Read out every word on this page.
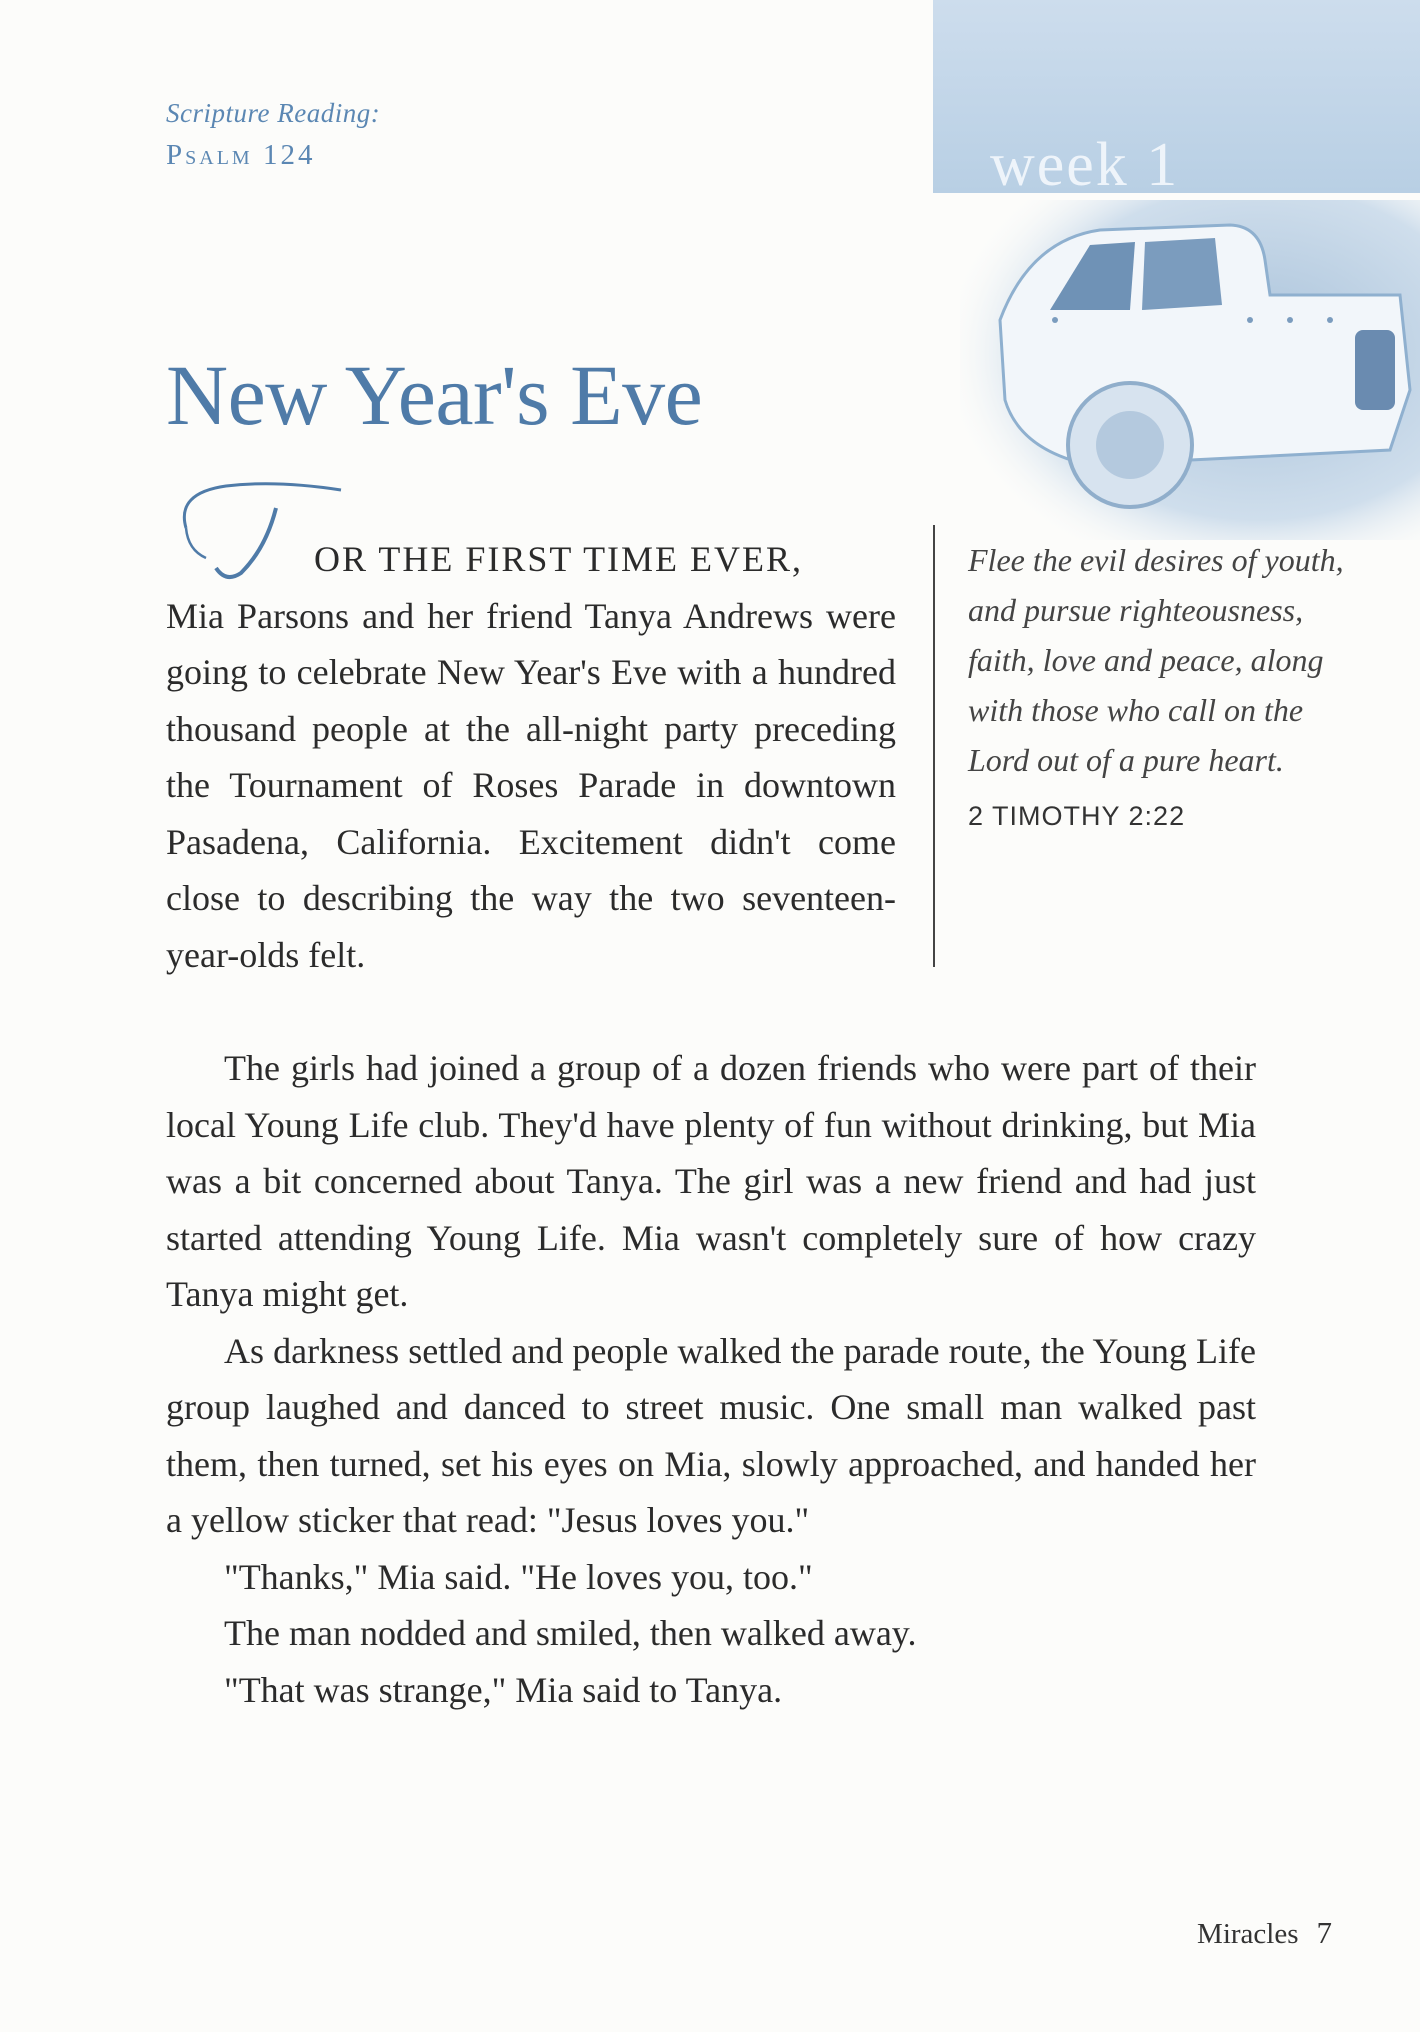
Scripture Reading:
Psalm 124	week 1
New Year's Eve
OR THE FIRST TIME EVER,
Mia Parsons and her friend Tanya Andrews were going to celebrate New Year's Eve with a hundred thousand people at the all-night party preceding the Tournament of Roses Parade in downtown Pasadena, California. Excitement didn't come close to describing the way the two seventeen-year-olds felt.
Flee the evil desires of youth, and pursue righteousness, faith, love and peace, along with those who call on the Lord out of a pure heart.
2 TIMOTHY 2:22

The girls had joined a group of a dozen friends who were part of their local Young Life club. They'd have plenty of fun without drinking, but Mia was a bit concerned about Tanya. The girl was a new friend and had just started attending Young Life. Mia wasn't completely sure of how crazy Tanya might get.

As darkness settled and people walked the parade route, the Young Life group laughed and danced to street music. One small man walked past them, then turned, set his eyes on Mia, slowly approached, and handed her a yellow sticker that read: "Jesus loves you."

"Thanks," Mia said. "He loves you, too."

The man nodded and smiled, then walked away.

"That was strange," Mia said to Tanya.

Miracles 7
